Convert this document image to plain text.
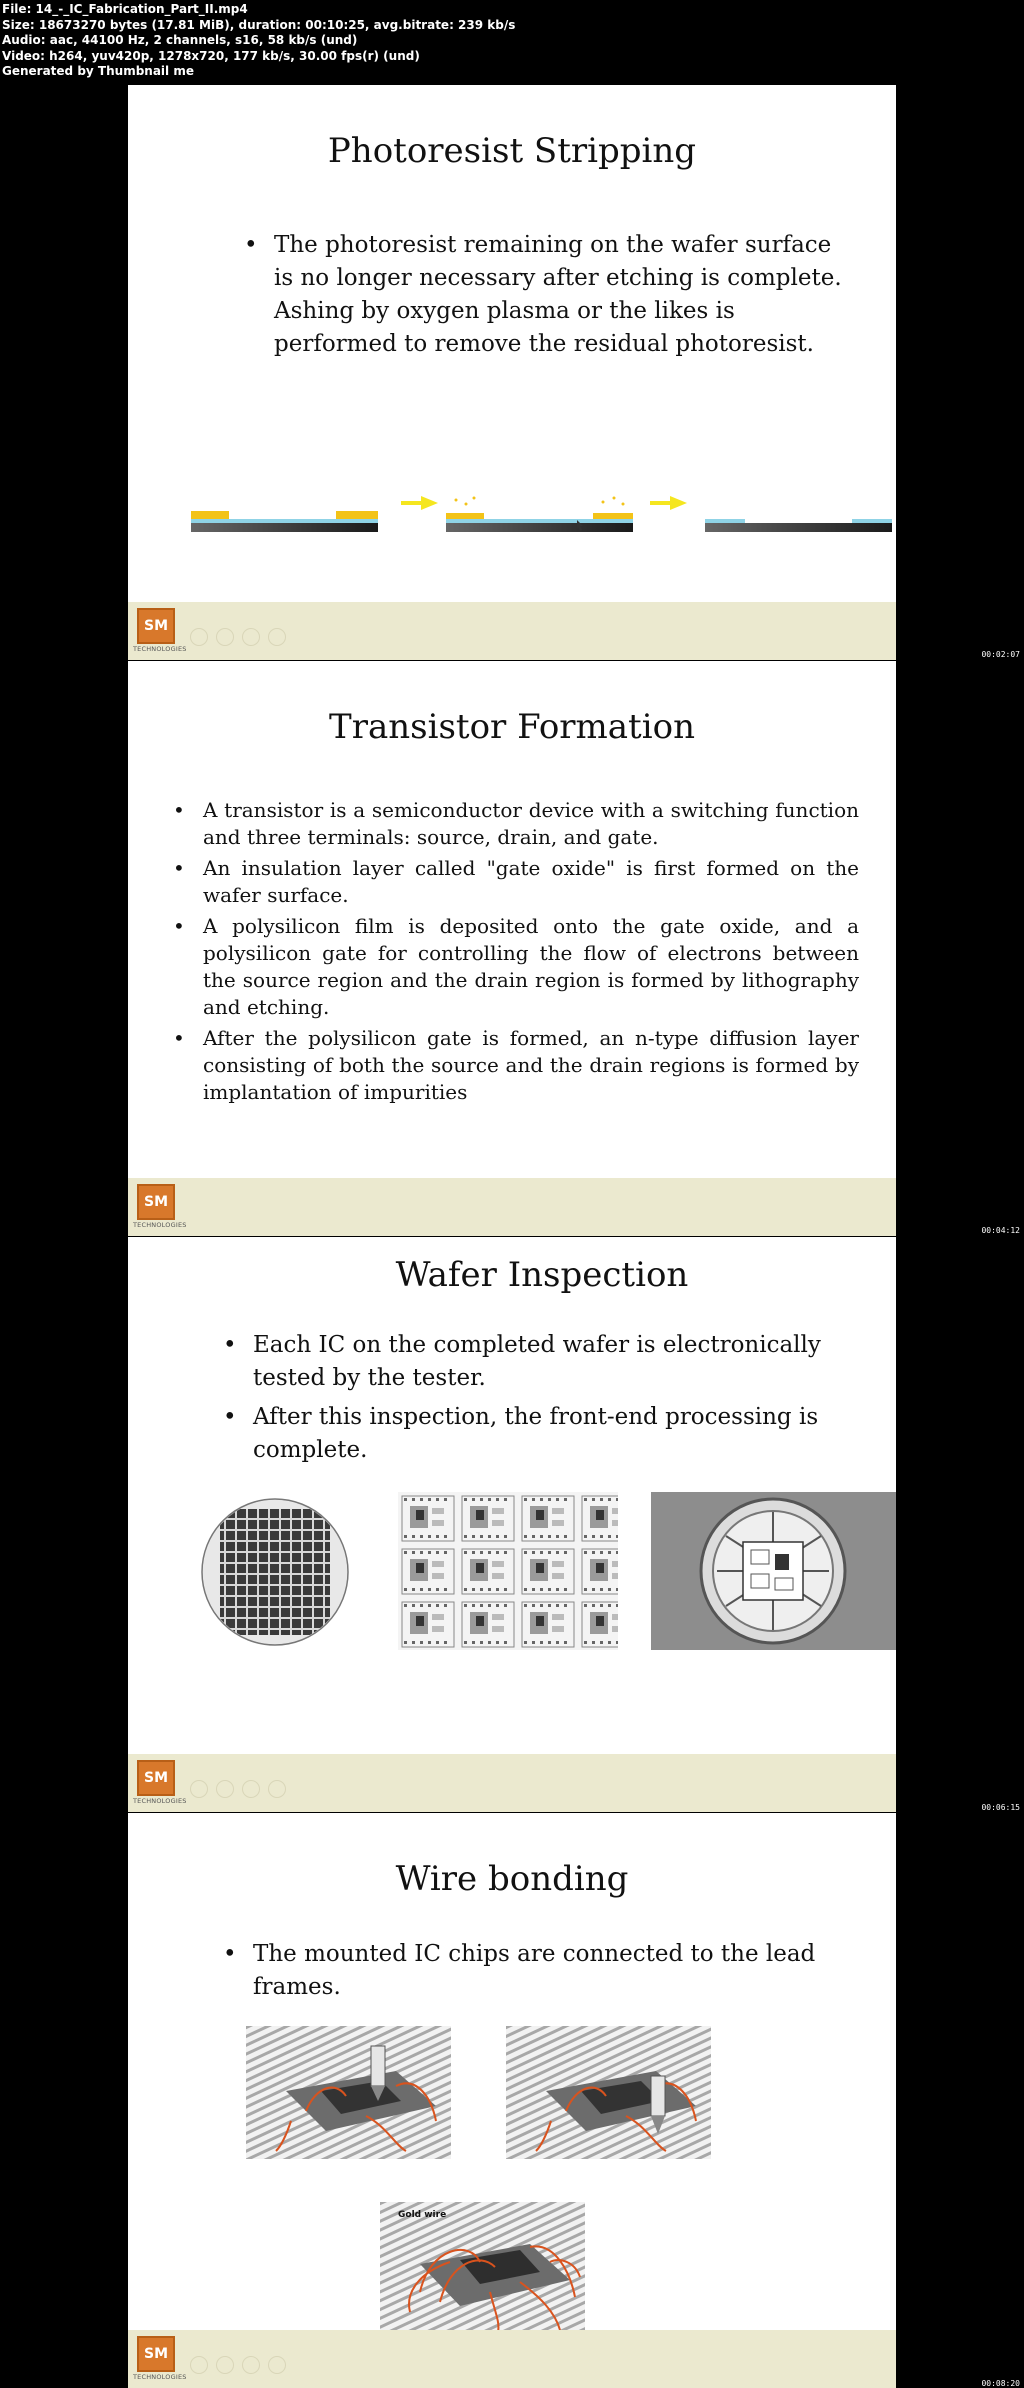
File: 14_-_IC_Fabrication_Part_II.mp4
Size: 18673270 bytes (17.81 MiB), duration: 00:10:25, avg.bitrate: 239 kb/s
Audio: aac, 44100 Hz, 2 channels, s16, 58 kb/s (und)
Video: h264, yuv420p, 1278x720, 177 kb/s, 30.00 fps(r) (und)
Generated by Thumbnail me
00:02:07
00:04:12
00:06:15
00:08:20
Photoresist Stripping
• The photoresist remaining on the wafer surface is no longer necessary after etching is complete. Ashing by oxygen plasma or the likes is performed to remove the residual photoresist.
SM
TECHNOLOGIES
Transistor Formation
• A transistor is a semiconductor device with a switching function and three terminals: source, drain, and gate.
• An insulation layer called "gate oxide" is first formed on the wafer surface.
• A polysilicon film is deposited onto the gate oxide, and a polysilicon gate for controlling the flow of electrons between the source region and the drain region is formed by lithography and etching.
• After the polysilicon gate is formed, an n-type diffusion layer consisting of both the source and the drain regions is formed by implantation of impurities
SM
TECHNOLOGIES
Wafer Inspection
• Each IC on the completed wafer is electronically tested by the tester.
• After this inspection, the front-end processing is complete.
SM
TECHNOLOGIES
Wire bonding
• The mounted IC chips are connected to the lead frames.
Gold wire
SM
TECHNOLOGIES
